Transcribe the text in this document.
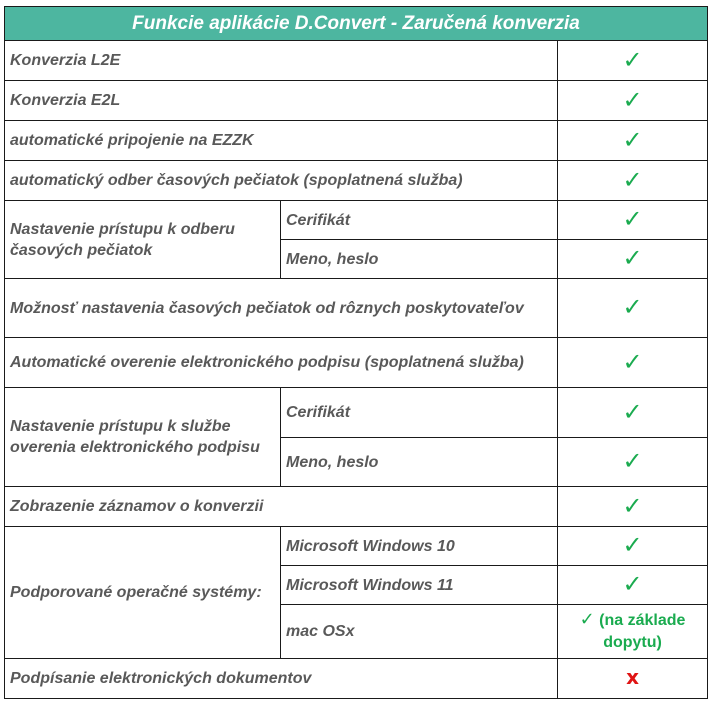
Funkcie aplikácie D.Convert - Zaručená konverzia		
Konverzia L2E		✓
Konverzia E2L		✓
automatické pripojenie na EZZK		✓
automatický odber časových pečiatok (spoplatnená služba)		✓
Nastavenie prístupu k odberu časových pečiatok	Cerifikát	✓
	Meno, heslo	✓
Možnosť nastavenia časových pečiatok od rôznych poskytovateľov		✓
Automatické overenie elektronického podpisu (spoplatnená služba)		✓
Nastavenie prístupu k službe overenia elektronického podpisu	Cerifikát	✓
	Meno, heslo	✓
Zobrazenie záznamov o konverzii		✓
Podporované operačné systémy:	Microsoft Windows 10	✓
	Microsoft Windows 11	✓
	mac OSx	✓ (na základe dopytu)
Podpísanie elektronických dokumentov		x
